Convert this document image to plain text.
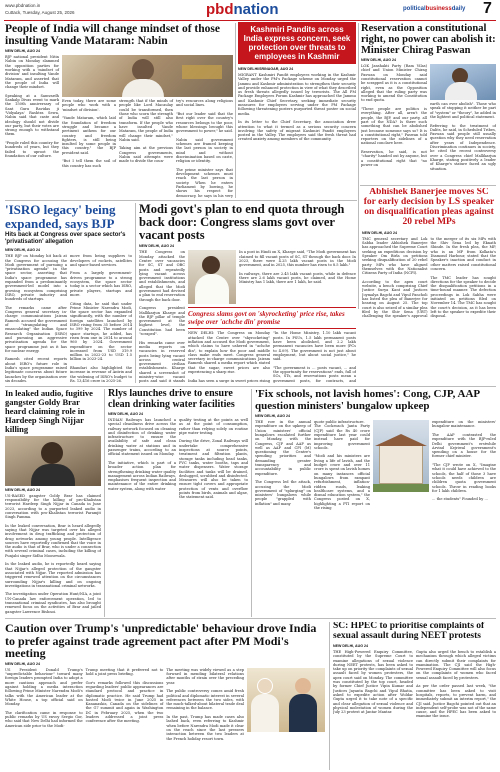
www.pbdnation.in
Cuttack, Tuesday, August 25, 2026	pbdnation	politicalbusinessdaily 7
People of India will change mindset of those insulting Vande Mataram: Nabin
NEW DELHI, AUG 24
BJP national president Nitin Nabin on Monday slammed the opposition parties for working with a 'mindset of division' and insulting Vande Mataram, and asserted that the people of India will change their mindset.

Speaking at a Samvardh Sankalp Divas event to mark the 150th anniversary of Sant Guru Ravidas ji 'Vidyalaya' Rashtra Sewa, Nabin said that caste and ideology should not divide our party, but their votes are strong enough to withstand them.

"People ruled this country for hundreds of years, but they failed to uproot the foundation of our culture.
Even today, there are some people who work with a 'mindset of division'.

"Vande Mataram, which laid the foundation of freedom struggle and became a pertinent anthem for our country and freedom fighters, is still being insulted by some people in this country," the BJP president said.

"But I tell them the soil of this country has such
strength that if the minds of people like Lord Macaulay could be transformed, then those who scorn the strength of India will still also transform. If the people who have insulted Vande Mataram, the people of India will change their mindset," Nabin said.

Taking aim at the previous Congress governments, Nabin said attempts were made to divide the coun-
try's resources along religious and social lines.

"But our leader said that the first right over the country's resources belongs to the poor, whose blessings brought this government to power," he said.

Nabin said government schemes are framed keeping the last person in society in mind and without discrimination based on caste, religion or identity.

The prime minister says that development schemes must reach the last person in society. When he enters Parliament by bowing, he shows his respect for democracy, he says in his very
Kashmiri Pandits across India express concern, seek protection over threats to employees in Kashmir
NEW DELHI/SRINAGAR, AUG 24
MIGRANT Kashmiri Pandit employees working in the Kashmir Valley under the PM's Package scheme on Monday urged the Jammu and Kashmir administration to strengthen their security and provide enhanced protection in view of what they described as fresh threats allegedly issued by terrorists. The All PM Package Employees Forum Kashmir has approached the Jammu and Kashmir Chief Secretary, seeking immediate security measures for employees serving under the PM Package following threatening posters purported threat poster on social media.

In its letter to the Chief Secretary, the association drew attention to what it termed as a serious security concern involving the safety of migrant Kashmiri Pandit employees posted in the Valley. The employees said the fresh threat had created anxiety among members of the community.
Reservation a constitutional right, no power can abolish it: Minister Chirag Paswan
NEW DELHI, AUG 24
LOK Janshakti Party (Ram Vilas) chief and Union Minister Chirag Paswan on Monday said constitutional reservation cannot be scrapped as it is a constitutional right, even as the Opposition alleged that the ruling party was working to amend the Constitution to end quota.

"These people are politics is everything. After all, aren't the people, the BJP, and our party, all part of the NDA? Is there such something that can be abolished just because someone says so? It is a constitutional right," Paswan told reporters on the sidelines of a national conclave here.

Reservation, he said, is not "charity" handed out by anyone, but a constitutional right that "no power on
earth can ever abolish". Those who speak of stopping it neither be part of "system" or "theory", he added in the lightest and political statement.

Referring to the treatment of Dalits, he said, in Scheduled Tribes, Paswan said people still usually question why they need reservation after years of Independence. Discrimination continues in society, he cited the recent controversy over a Congress chief Mallikarjun Kharge, stating positively a leader of Kharge's stature faced an ugly situation.
'ISRO legacy' being expanded, says BJP
Hits back at Congress over space sector's 'privatisation' allegation
NEW DELHI, AUG 24
THE BJP on Monday hit back at the Congress for accusing the Modi government of pursuing a "privatisation agenda" in the space sector, asserting that India's space programme has expanded from a predominantly government-led model into a growing ecosystem comprising ISRO, private industry and hundreds of startups.

The remarks came after Congress general secretary in-charge communications Jairam Ramesh accused the government of "strangulating and emasculating" the Indian Space Research Organisation (ISRO) and pursuing an aggressive privatisation agenda for the space programme just as it has for nuclear energy.

Ramesh cited recent reports about ISRO's future role in India's space programme raised legitimate concerns about future launches by the organisation over six decades.

move from being suppliers to developers of rockets, satellites and space-based services.

From a largely government-driven programme to a strong ecosystem, the space sector today is a sector which has ISRO, private players, startups and more.

Citing data, he said that under Prime Minister Narendra Modi, the space sector has expanded significantly, with the number of foreign satellites launched by ISRO rising from 35 before 2014 to 399 by 2024. The number of space startups, he added, has risen from one in 2014 to around 960 by 2024. Government expenditure on the sector increased from USD 319.9 million in 2022-23 to USD 1.5 billion in 2023-24.

Bhandari also highlighted the increase in revenue of Antrix and the widening of ISRO's budget to Rs. 13,416 crore in 2025-26.
Modi govt's plan to end quota through back door: Congress slams govt over vacant posts
NEW DELHI, AUG 24
THE Congress on Monday attacked the Centre over vacancies for SC, ST and OBC posts and repeatedly lying vacant across government institutions and establishments, and alleged that the Modi government had devised a plan to end reservation through the back door.

Congress president Mallikarjun Kharge and the BJP pillar of temple government at the highest level, the Constitution had been "scraped".

His remarks came over media reports on vacancies in reserved posts being lying vacant across central government civilian establishments. Kharge shared a screenshot of ministry-wise vacant posts and said it stands
In a post in Hindi on X, Kharge said, "The Modi government has claimed to fill vacant posts of SC, ST through the back door. In 2023, there were 4.25 lakh vacant posts in the Modi government, and in 2025, this number has risen to 8.5 lakh."

In railways, there are 2.45 lakh vacant posts, while in defence there are 2.6 lakh vacant posts, he claimed, and the Home Ministry has 1 lakh, there are 1 lakh, he said.
Congress slams govt on 'skyrocketing' price rise, takes swipe over 'achche din' promise
NEW DELHI: The Congress on Monday attacked the Centre over "skyrocketing" inflation and accused the Modi government, which claims to have ushered in "achche din", to explain how the poor and middle class make ends meet. Congress general secretary in-charge communications Jairam Ramesh shared a media report which stated that the sugar, sweet prices are also experiencing a sharp rise.

India has seen a surge in sweet prices rising
"In the Home Ministry, 1.10 lakh vacant posts. In PSUs, 1.5 lakh permanent posts have been abolished, and 2.2 lakh permanent vacancies have been more (PCs to 4.09). The government is not just about employment, but about social justice," he said.

"The government is ... posts vacant, ... and the opportunity for reservations" ends, full of SCs, STs, and reservations posts mean a government posts, for contracts, and
Abhishek Banerjee moves SC for early decision by LS speaker on disqualification pleas against 20 rebel MPs
NEW DELHI, AUG 24
TMC general secretary and Lok Sabha leader Abhishek Banerjee has approached the Supreme Court seeking an expeditious decision by Speaker Om Birla on petitions seeking disqualification of 20 rebel party MPs who have aligned themselves with the Nationalist Citizens Party of India (NCPI).

According to the apex court website, a bench comprising Chief Justice Surya Kant and Justices Joymalya Bagchi and Vipul Pancholi has listed the plea of Banerjee for hearing on August 25. The top court is also seized of a similar plea filed by the Shiv Sena (UBT) challenging the speaker's approval to the merger of its six MPs with the Shiv Sena led by Eknath Shinde. In the fresh plea, the MP, who is an MP from Kolkata's Diamond Harbour, stated that the Speaker's inaction and conduct in other matters raised constitutional concern.

The TMC leader has sought directions for the speaker to decide the disqualification petitions in a time-bound manner. The defection proceedings in Lok Sabha were initiated on petitions filed on November 14. The TMC has sought the court's decision, as it has been left to the speaker to expedite their disposal.
In leaked audio, fugitive gangster Goldy Brar heard claiming role in Hardeep Singh Nijjar killing
NEW DELHI, AUG 24
US-BASED gangster Goldy Brar has claimed responsibility for the killing of pro-Khalistan terrorist Hardeep Singh Nijjar in Canada in June 2023, according to a purported leaked audio in conversation with pro-Khalistan terrorist Paramjit Singh Pamma.

In the leaked conversation, Brar is heard allegedly saying that Nijjar was targeted over his alleged involvement in drug trafficking and protection of drug networks among young people. Intelligence sources have reportedly confirmed that the voice in the audio is that of Brar, who is under a connection with several criminal cases, including the killing of Punjabi singer Sidhu Moosewala.

In the leaked audio, he is reportedly heard saying that Nijjar's alleged protection of the gangster associated with Nijjar. The reported admission has triggered renewed attention on the circumstances surrounding Nijjar's killing and on ongoing investigations in transnational criminal networks.

The investigation under Operation Hunt/NIA, a joint UN-Canada law enforcement operation, led to transnational criminal syndicates, has also brought renewed focus on the activities of Brar and jailed gangster Lawrence Bishnoi.
Rlys launches drive to ensure clean drinking water facilities
NEW DELHI, AUG 24
INDIAN Railways has launched a special cleanliness drive across the railway network focused on cleaning and disinfection of drinking water infrastructure to ensure the availability of safe and clean drinking water at stations and in passenger trains, according to an official statement issued on Monday.

The initiative, which is part of a broader action plan for strengthening drinking water quality management across Indian Railways, emphasises frequent inspection and maintenance of the entire drinking water system, along with water
quality testing at the points as well as at the point of consumption, rather than relying solely on routine pipe water testing.

During the drive, Zonal Railways will undertake comprehensive inspections at source points, treatment and filtration plants, storage tanks including head tanks, PVC tanks, water booths, taps and water dispensers. Water storage facilities and tanks will be drained, deslugged, scrubbed and disinfected. Measures will also be taken to ensure tight covers and appropriate protection of vents and overflow points from birds, animals and algae, the statement said.
'Fix schools, not lavish homes': Cong, CJP, AAP question ministers' bungalow upkeep
NEW DELHI, AUG 24
THE row in the annual expenditure on the upkeep of Union ministers' official bungalows escalated further on Monday, with the Congress, CJP and AAP as well as AAP and CPI (M) questioning the Centre's spending priorities and demanding greater transparency and accountability in public expenditure.

The Congress led the attack, accusing the Modi government of "splurging" on ministers' bungalows while people "grappled with inflation" and many
quote public infrastructure.
The Cockroach Janta Party (CJP) said the Rs 40 crore expenditure last year could instead have paid for improving government schools.

"Modi and his ministers are living a life of lavish, and the budget crore and over 11 crore is spent on lavish homes on many instances official bungalows from rampant refurbishment, inflation-ridden roads, leaking healthcare systems, and a dismal education system," the Congress posted on X, highlighting a PTI report on the rising
expenditure on the ministers' bungalow maintenance.

The AAP contrasted the expenditure with the BJP-ruled Delhi government's erstwhile Arvind Kejriwal government's spending on a house for the former chief minister.

"The CJP wrote on X, "Imagine what it could have achieved to the schools, the half of those 3 have schools needs children are children quota government schools. Throw in reading books for 1 lakh children.

... the students" Founded by ...
Caution over Trump's 'unpredictable' behaviour drove India to prefer against trade agreement pact after PM Modi's meeting
NEW DELHI, AUG 24
US President Donald Trump's "unpredictable behaviour" toward many foreign leaders prompted India to adopt a more cautious approach and prefer against holding a media interaction following Prime Minister Narendra Modi's talks with the American leader at the White House, a top official said on Monday.

The clarification came in response to public remarks by US envoy Sergio Gor, who said that New Delhi had informed the American side prior to the Modi-
Trump meeting that it preferred not to hold a joint press briefing.

Gor's remarks followed this discussions regarding leaders' public appearances are standard protocol and practice in diplomatic practice. He said Trump had hosted Modi twice in June 2025 in Kananaskis, Canada on the sidelines of the G7 summit and again in Washington DC in February 2025, when the two leaders addressed a joint press conference after the meeting.
The meeting was widely viewed as a step forward in mending bilateral relations after months of strain over the preceding year.

The public controversy comes amid fresh political and diplomatic interest in several references between the two sides, with the much-talked-about bilateral trade deal remaining in the balance.

In the past, Trump has made cases also lashed back, even referring to Kashmir when before Narendra Modi made it clear on the reach since the last pressers interaction between the two leaders at the French holiday resort town.
SC: HPEC to prioritise complaints of sexual assault during NEET protests
NEW DELHI, AUG 24
THE High-Powered Enquiry Committee, constituted by the Supreme Court to examine allegations of sexual violence during NEET protests, has been asked to take up on priority the complaints of sexual assault faced by women protesters, the apex court said on Monday. The committee was constituted by the top court, headed by former Chief Justice Vipin Kumar and Justices Jayanta Bagchi and Vipul Bhatia, asked to expedite action after Woldar Gupta urged it to take note of a specific and clear allegation of sexual violence and physical molestation of women during the July 23 protest at Jantar Mantar.

Gupta also urged the bench to establish a mechanism through which alleged victims can directly submit their complaints for examination. The CJI said the High-Powered Enquiry Committee will also focus on the complaints of women who faced sexual assault faced by protesters.

As per the order passed last week, "the committee has been asked to visit hospitals, reports, to prevent harm, and immediately submit an interim report," the CJI said. Justice Bagchi pointed out that an independent self-probe was not of the same cause, and the HPEC has been asked to examine the issue.
